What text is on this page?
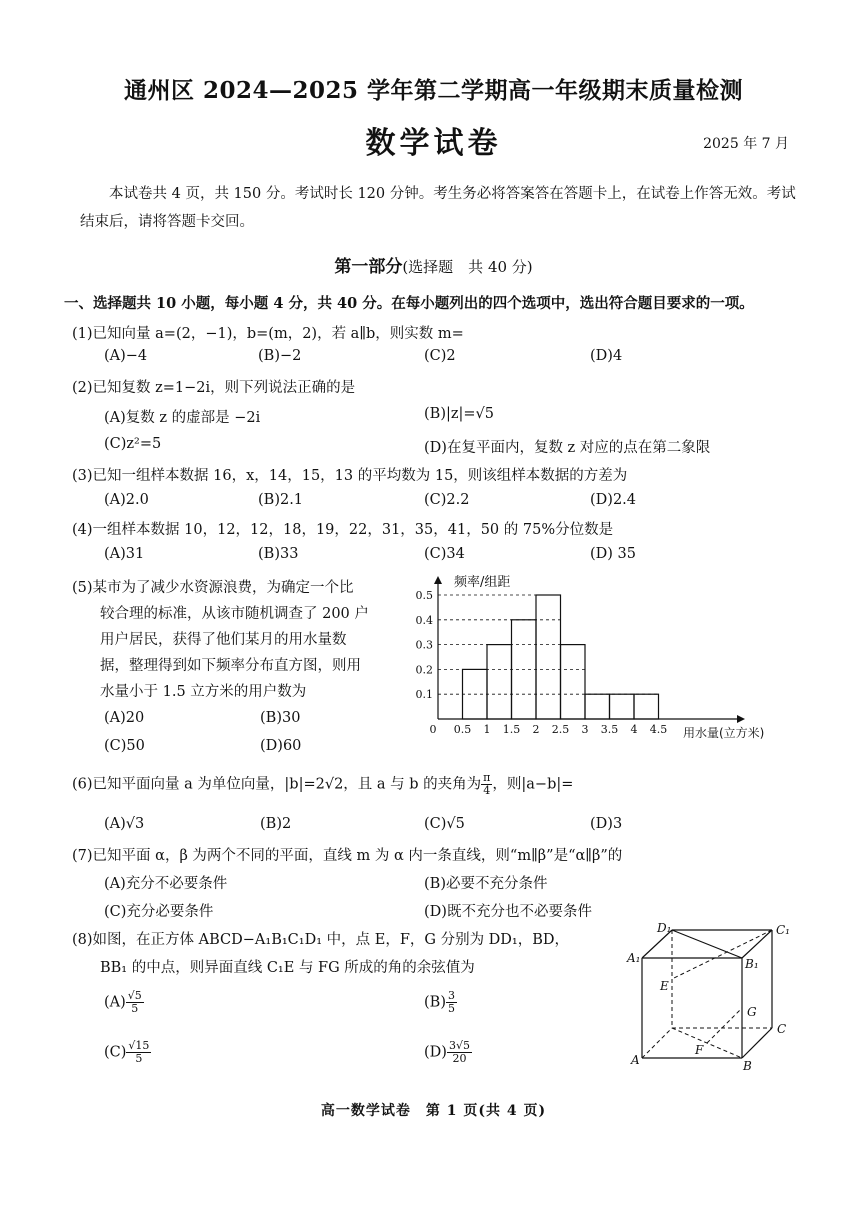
通州区 2024—2025 学年第二学期高一年级期末质量检测
数学试卷	2025 年 7 月
本试卷共 4 页，共 150 分。考试时长 120 分钟。考生务必将答案答在答题卡上，在试卷上作答无效。考试结束后，请将答题卡交回。
第一部分(选择题　共 40 分)
一、选择题共 10 小题，每小题 4 分，共 40 分。在每小题列出的四个选项中，选出符合题目要求的一项。
(1)已知向量 a=(2，−1)，b=(m，2)，若 a∥b，则实数 m=
(A)−4	(B)−2	(C)2	(D)4
(2)已知复数 z=1−2i，则下列说法正确的是
(A)复数 z 的虚部是 −2i	(B)|z|=√5
(C)z²=5	(D)在复平面内，复数 z 对应的点在第二象限
(3)已知一组样本数据 16，x，14，15，13 的平均数为 15，则该组样本数据的方差为
(A)2.0	(B)2.1	(C)2.2	(D)2.4
(4)一组样本数据 10，12，12，18，19，22，31，35，41，50 的 75%分位数是
(A)31	(B)33	(C)34	(D) 35
(5)某市为了减少水资源浪费，为确定一个比
较合理的标准，从该市随机调查了 200 户
用户居民，获得了他们某月的用水量数
据，整理得到如下频率分布直方图，则用
水量小于 1.5 立方米的用户数为
(A)20	(B)30
(C)50	(D)60
0.1
0.2
0.3
0.4
0.5
0 0.5 1 1.5 2 2.5 3 3.5 4 4.5
频率/组距
用水量(立方米)
(6)已知平面向量 a 为单位向量，|b|=2√2，且 a 与 b 的夹角为 $\frac{\pi}{4}$ ，则|a−b|=
(A)√3	(B)2	(C)√5	(D)3
(7)已知平面 α，β 为两个不同的平面，直线 m 为 α 内一条直线，则“m∥β”是“α∥β”的
(A)充分不必要条件	(B)必要不充分条件
(C)充分必要条件	(D)既不充分也不必要条件
(8)如图，在正方体 ABCD−A₁B₁C₁D₁ 中，点 E，F，G 分别为 DD₁，BD，
BB₁ 的中点，则异面直线 C₁E 与 FG 所成的角的余弦值为
$(A) \frac{√5}{5}$	$(B) \frac{3}{5}$
$(C) \frac{√15}{5}$	$(D) \frac{3√5}{20}$
D₁	C₁
A₁	B₁
E
G
C
F
A	B
高一数学试卷　第 1 页(共 4 页)
